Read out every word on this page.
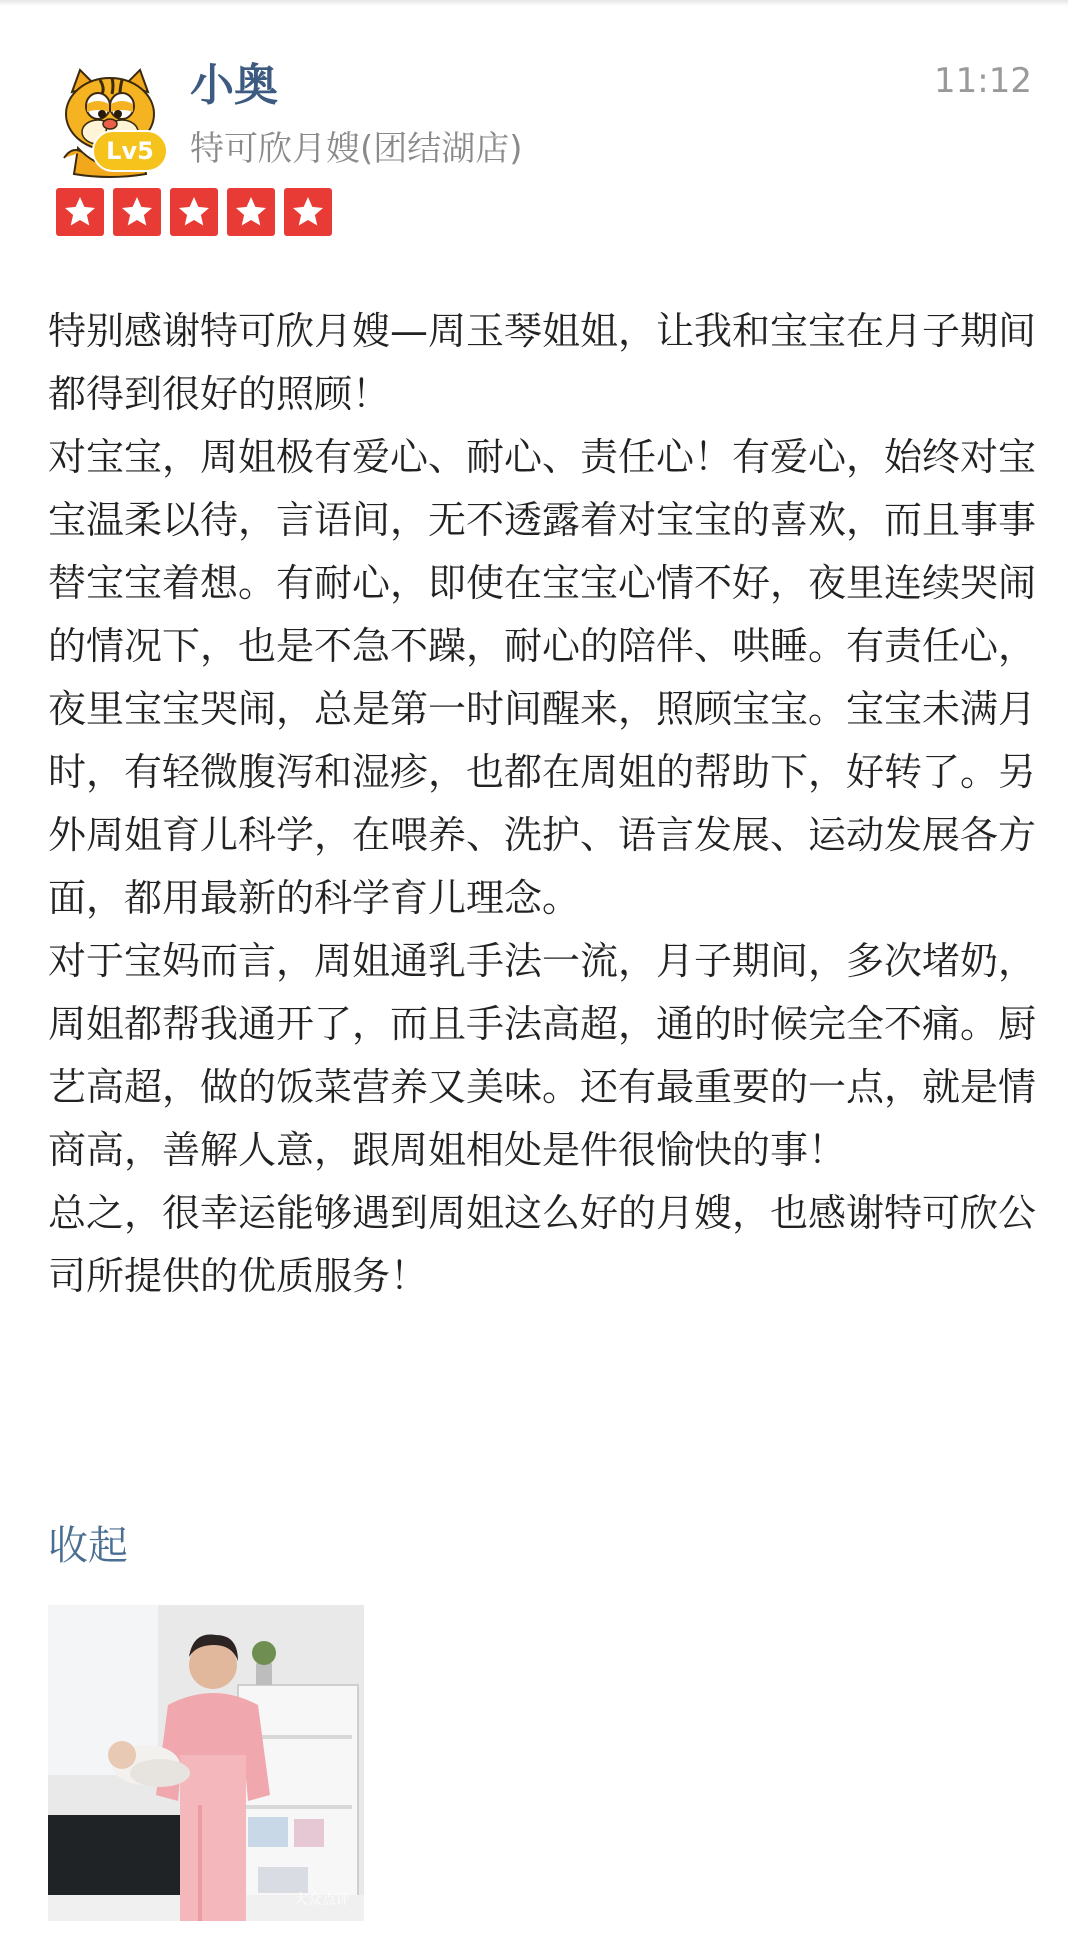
Lv5
小奥
特可欣月嫂(团结湖店)
11:12

特别感谢特可欣月嫂—周玉琴姐姐，让我和宝宝在月子期间都得到很好的照顾！

对宝宝，周姐极有爱心、耐心、责任心！有爱心，始终对宝宝温柔以待，言语间，无不透露着对宝宝的喜欢，而且事事替宝宝着想。有耐心，即使在宝宝心情不好，夜里连续哭闹的情况下，也是不急不躁，耐心的陪伴、哄睡。有责任心，夜里宝宝哭闹，总是第一时间醒来，照顾宝宝。宝宝未满月时，有轻微腹泻和湿疹，也都在周姐的帮助下，好转了。另外周姐育儿科学，在喂养、洗护、语言发展、运动发展各方面，都用最新的科学育儿理念。

对于宝妈而言，周姐通乳手法一流，月子期间，多次堵奶，周姐都帮我通开了，而且手法高超，通的时候完全不痛。厨艺高超，做的饭菜营养又美味。还有最重要的一点，就是情商高，善解人意，跟周姐相处是件很愉快的事！

总之，很幸运能够遇到周姐这么好的月嫂，也感谢特可欣公司所提供的优质服务！

收起
大众点评
